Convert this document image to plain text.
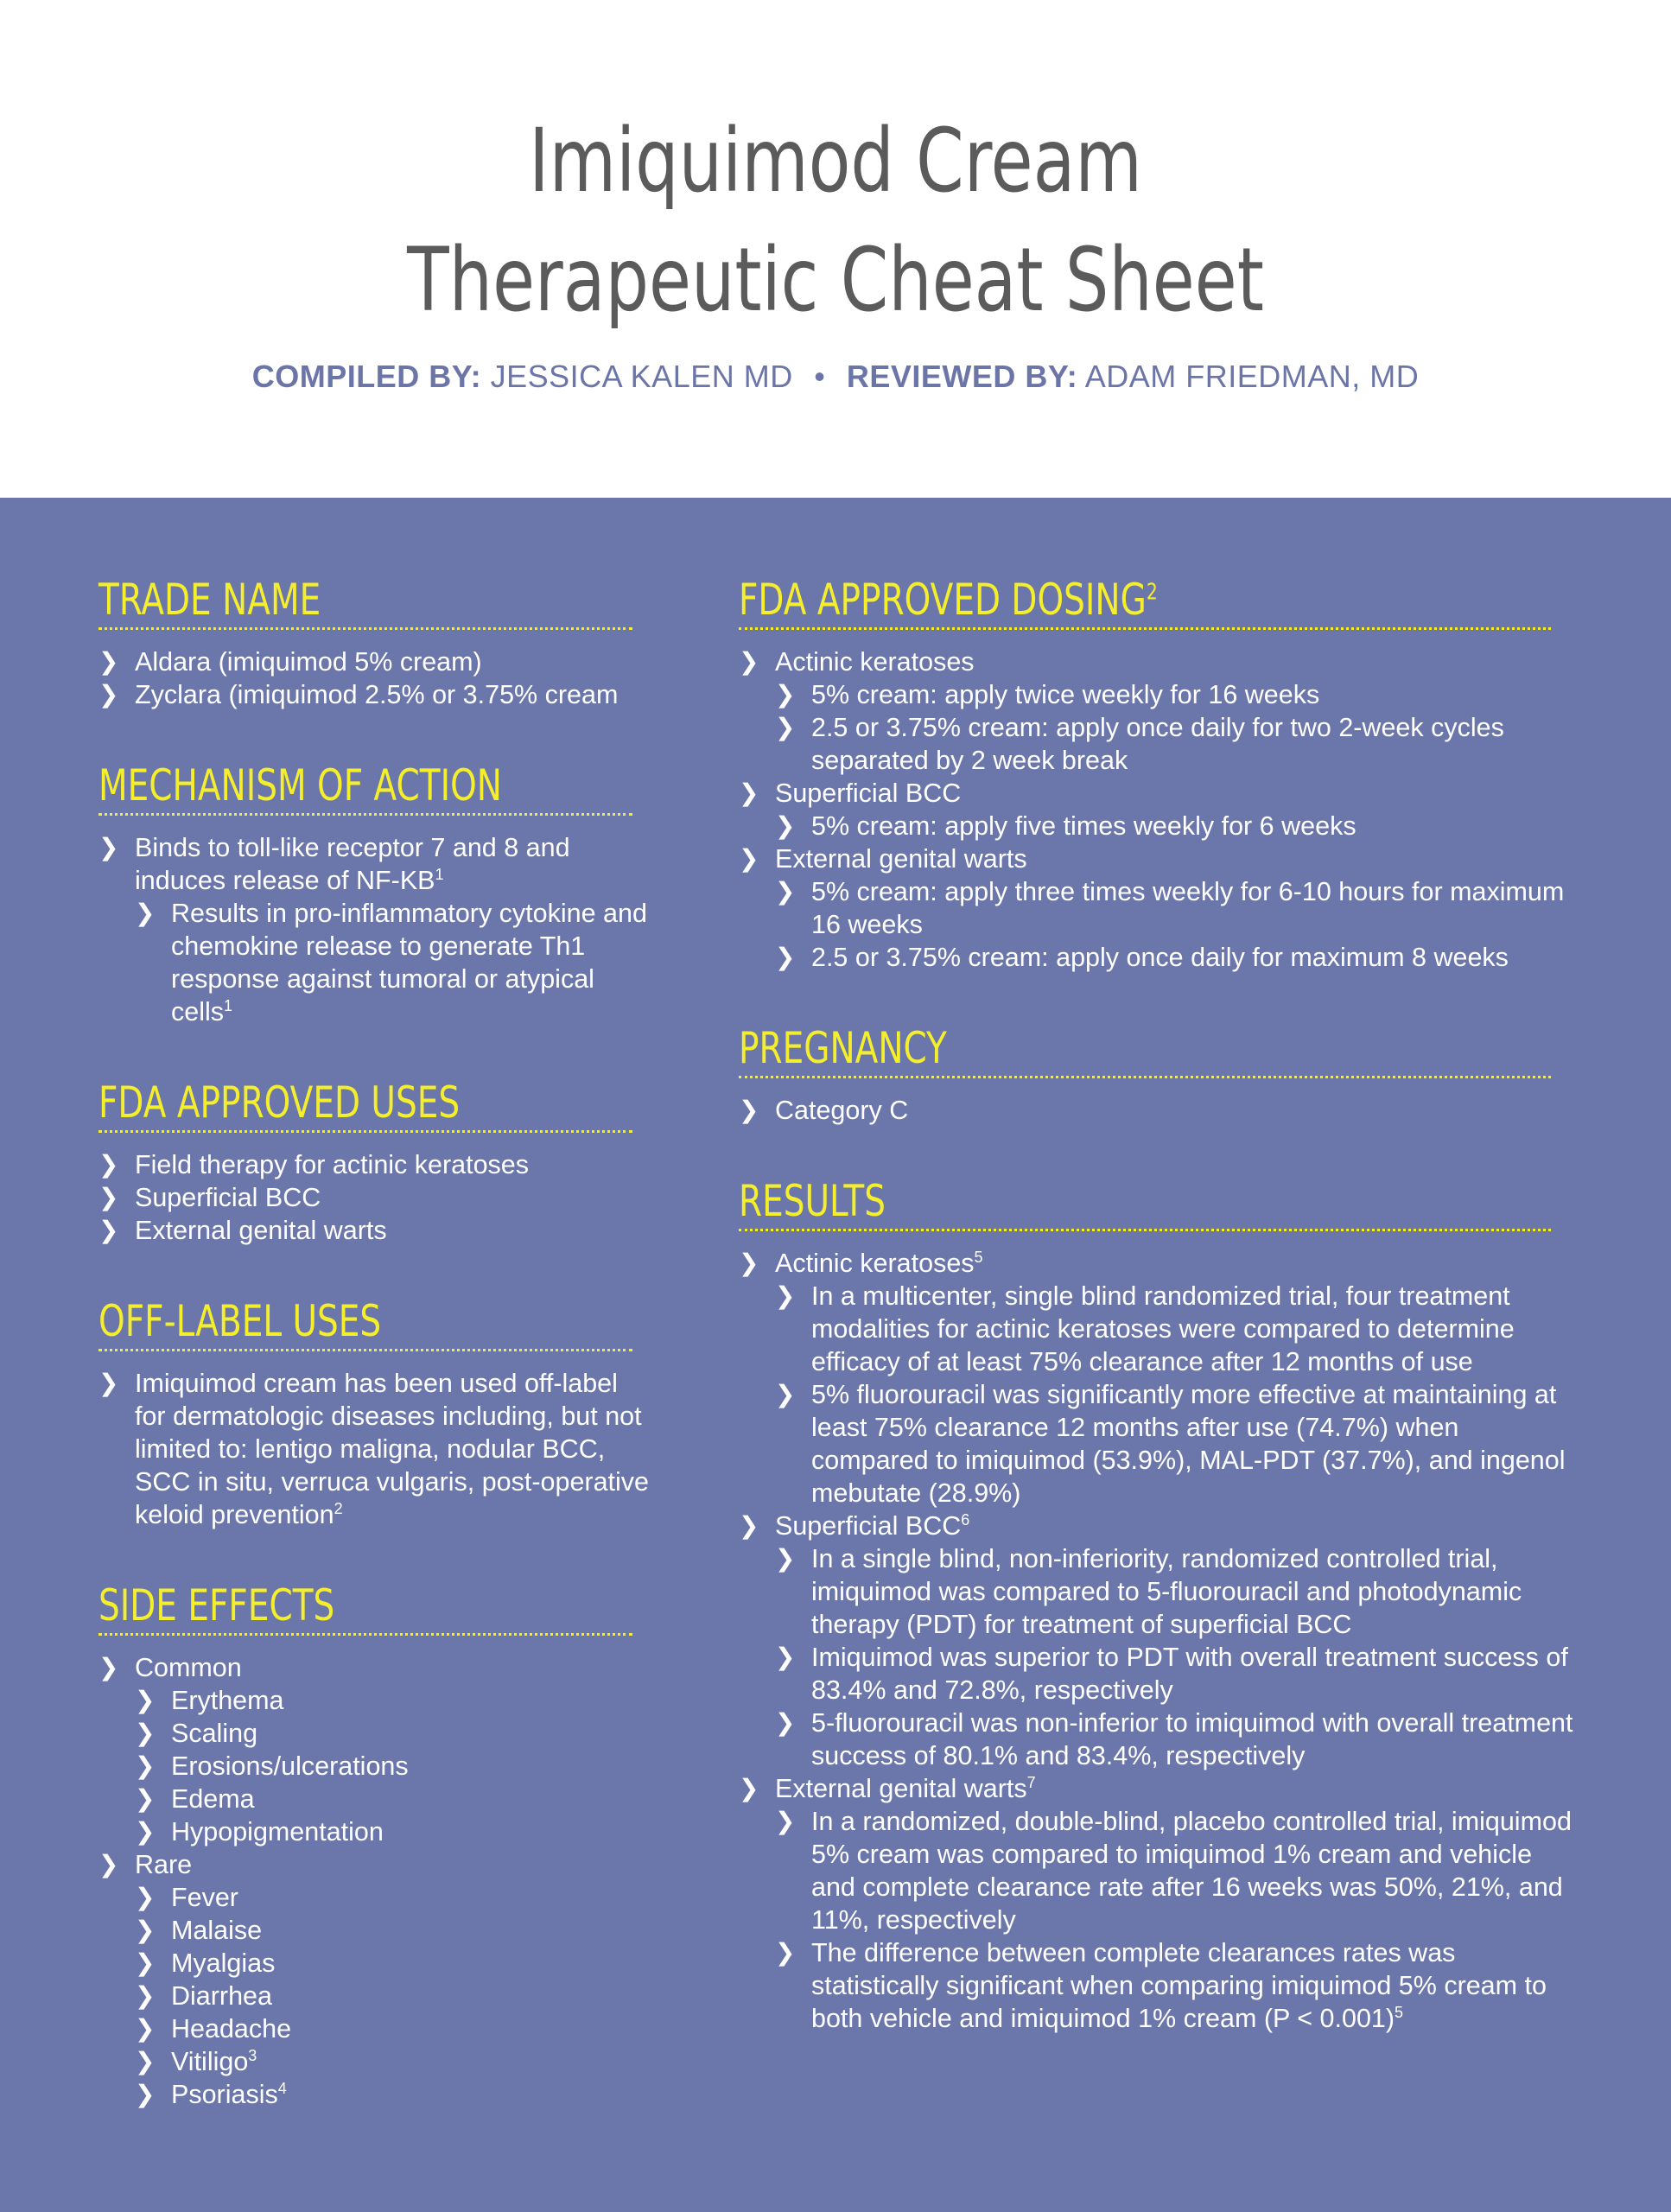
Imiquimod Cream
Therapeutic Cheat Sheet
COMPILED BY: JESSICA KALEN MD • REVIEWED BY: ADAM FRIEDMAN, MD
TRADE NAME
❯ Aldara (imiquimod 5% cream)
❯ Zyclara (imiquimod 2.5% or 3.75% cream
MECHANISM OF ACTION
❯ Binds to toll-like receptor 7 and 8 and induces release of $NF-KB^1$
❯ Results in pro-inflammatory cytokine and chemokine release to generate Th1 response against tumoral or atypical cells$^1$
FDA APPROVED USES
❯ Field therapy for actinic keratoses
❯ Superficial BCC
❯ External genital warts
OFF-LABEL USES
❯ Imiquimod cream has been used off-label for dermatologic diseases including, but not limited to: lentigo maligna, nodular BCC, SCC in situ, verruca vulgaris, post-operative keloid prevention$^2$
SIDE EFFECTS
❯ Common
❯ Erythema
❯ Scaling
❯ Erosions/ulcerations
❯ Edema
❯ Hypopigmentation
❯ Rare
❯ Fever
❯ Malaise
❯ Myalgias
❯ Diarrhea
❯ Headache
❯ Vitiligo$^3$
❯ Psoriasis$^4$
FDA APPROVED DOSING$^2$
❯ Actinic keratoses
❯ 5% cream: apply twice weekly for 16 weeks
❯ 2.5 or 3.75% cream: apply once daily for two 2-week cycles separated by 2 week break
❯ Superficial BCC
❯ 5% cream: apply five times weekly for 6 weeks
❯ External genital warts
❯ 5% cream: apply three times weekly for 6-10 hours for maximum 16 weeks
❯ 2.5 or 3.75% cream: apply once daily for maximum 8 weeks
PREGNANCY
❯ Category C
RESULTS
❯ Actinic keratoses$^5$
❯ In a multicenter, single blind randomized trial, four treatment modalities for actinic keratoses were compared to determine efficacy of at least 75% clearance after 12 months of use
❯ 5% fluorouracil was significantly more effective at maintaining at least 75% clearance 12 months after use (74.7%) when compared to imiquimod (53.9%), MAL-PDT (37.7%), and ingenol mebutate (28.9%)
❯ Superficial BCC$^6$
❯ In a single blind, non-inferiority, randomized controlled trial, imiquimod was compared to 5-fluorouracil and photodynamic therapy (PDT) for treatment of superficial BCC
❯ Imiquimod was superior to PDT with overall treatment success of 83.4% and 72.8%, respectively
❯ 5-fluorouracil was non-inferior to imiquimod with overall treatment success of 80.1% and 83.4%, respectively
❯ External genital warts$^7$
❯ In a randomized, double-blind, placebo controlled trial, imiquimod 5% cream was compared to imiquimod 1% cream and vehicle and complete clearance rate after 16 weeks was 50%, 21%, and 11%, respectively
❯ The difference between complete clearances rates was statistically significant when comparing imiquimod 5% cream to both vehicle and imiquimod 1% cream (P < 0.001)$^5$
